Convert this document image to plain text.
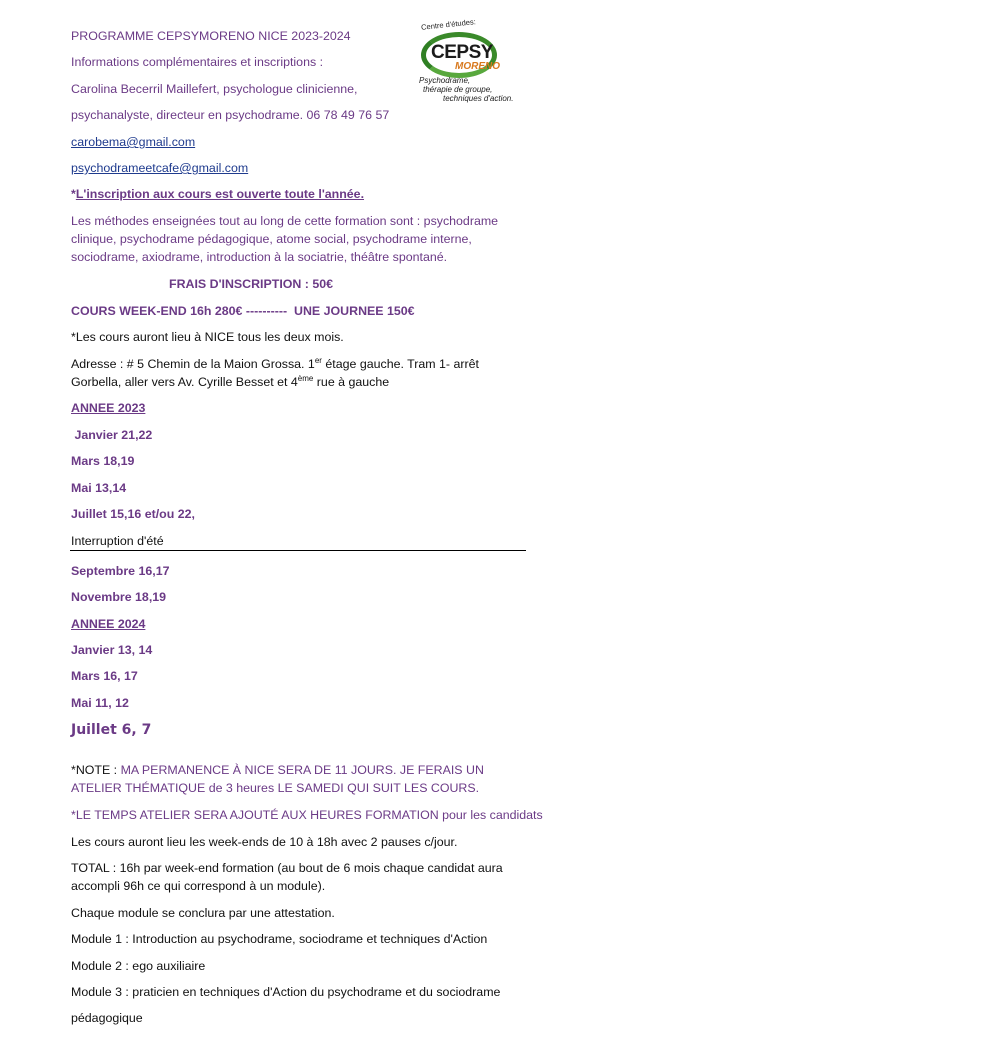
PROGRAMME CEPSYMORENO NICE 2023-2024
Informations complémentaires et inscriptions :
Carolina Becerril Maillefert, psychologue clinicienne,
psychanalyste, directeur en psychodrame. 06 78 49 76 57
carobema@gmail.com
psychodrameetcafe@gmail.com
Centre d'études:
CEPSY
MORENO
Psychodrame,
thérapie de groupe,
techniques d'action.
*L'inscription aux cours est ouverte toute l'année.
Les méthodes enseignées tout au long de cette formation sont : psychodrame clinique, psychodrame pédagogique, atome social, psychodrame interne, sociodrame, axiodrame, introduction à la sociatrie, théâtre spontané.
FRAIS D'INSCRIPTION : 50€
COURS WEEK-END 16h 280€ ----------  UNE JOURNEE 150€
*Les cours auront lieu à NICE tous les deux mois.
Adresse : # 5 Chemin de la Maion Grossa. 1er étage gauche. Tram 1- arrêt Gorbella, aller vers Av. Cyrille Besset et 4ème rue à gauche
ANNEE 2023
Janvier 21,22
Mars 18,19
Mai 13,14
Juillet 15,16 et/ou 22,
Interruption d'été
Septembre 16,17
Novembre 18,19
ANNEE 2024
Janvier 13, 14
Mars 16, 17
Mai 11, 12
Juillet 6, 7
*NOTE : MA PERMANENCE À NICE SERA DE 11 JOURS. JE FERAIS UN ATELIER THÉMATIQUE de 3 heures LE SAMEDI QUI SUIT LES COURS.
*LE TEMPS ATELIER SERA AJOUTÉ AUX HEURES FORMATION pour les candidats
Les cours auront lieu les week-ends de 10 à 18h avec 2 pauses c/jour.
TOTAL : 16h par week-end formation (au bout de 6 mois chaque candidat aura accompli 96h ce qui correspond à un module).
Chaque module se conclura par une attestation.
Module 1 : Introduction au psychodrame, sociodrame et techniques d'Action
Module 2 : ego auxiliaire
Module 3 : praticien en techniques d'Action du psychodrame et du sociodrame
pédagogique
